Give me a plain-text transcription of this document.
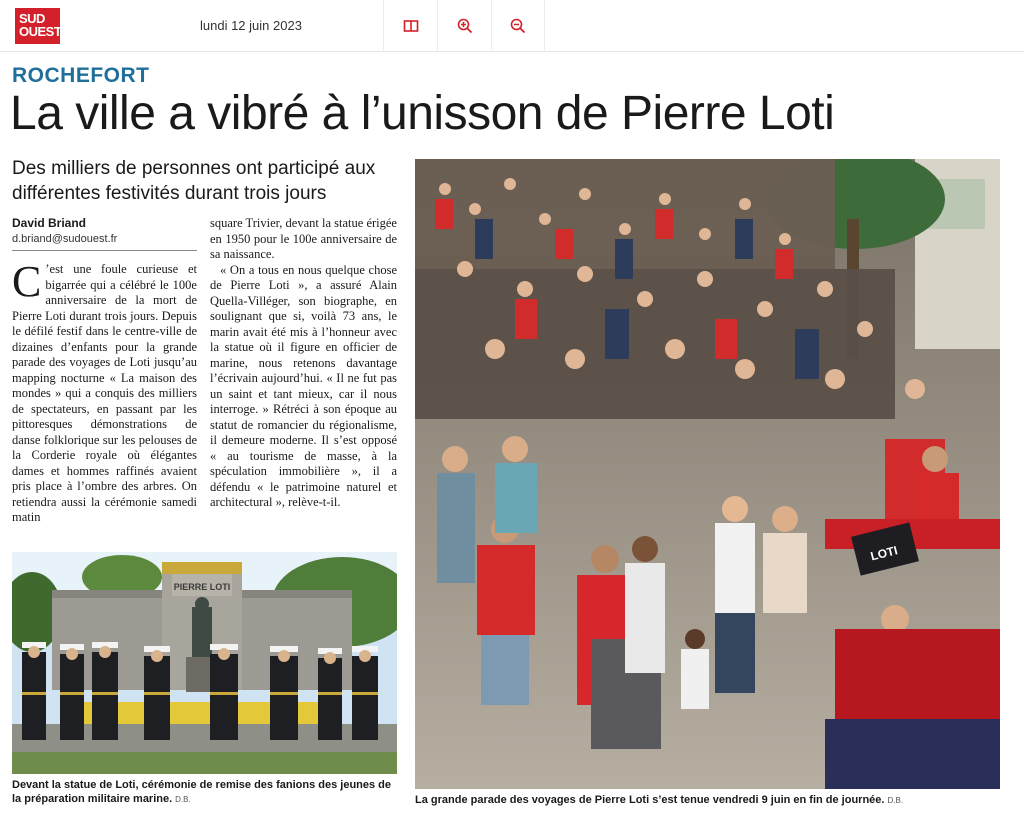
SUD
OUEST	lundi 12 juin 2023
ROCHEFORT
La ville a vibré à l’unisson de Pierre Loti
Des milliers de personnes ont participé aux différentes festivités durant trois jours
David Briand
d.briand@sudouest.fr
C ’est une foule curieuse et bigarrée qui a célébré le 100e anniversaire de la mort de Pierre Loti durant trois jours. Depuis le défilé festif dans le centre-ville de dizaines d’enfants pour la grande parade des voyages de Loti jusqu’au mapping nocturne « La maison des mondes » qui a conquis des milliers de spectateurs, en passant par les pittoresques démonstrations de danse folklorique sur les pelouses de la Corderie royale où élégantes dames et hommes raffinés avaient pris place à l’ombre des arbres. On retiendra aussi la cérémonie samedi matin

square Trivier, devant la statue érigée en 1950 pour le 100e anniversaire de sa naissance.

« On a tous en nous quelque chose de Pierre Loti », a assuré Alain Quella-Villéger, son biographe, en soulignant que si, voilà 73 ans, le marin avait été mis à l’honneur avec la statue où il figure en officier de marine, nous retenons davantage l’écrivain aujourd’hui. « Il ne fut pas un saint et tant mieux, car il nous interroge. » Rétréci à son époque au statut de romancier du régionalisme, il demeure moderne. Il s’est opposé « au tourisme de masse, à la spéculation immobilière », il a défendu « le patrimoine naturel et architectural », relève-t-il.

PIERRE LOTI
Devant la statue de Loti, cérémonie de remise des fanions des jeunes de la préparation militaire marine. D.B.
LOTI
La grande parade des voyages de Pierre Loti s’est tenue vendredi 9 juin en fin de journée. D.B.
